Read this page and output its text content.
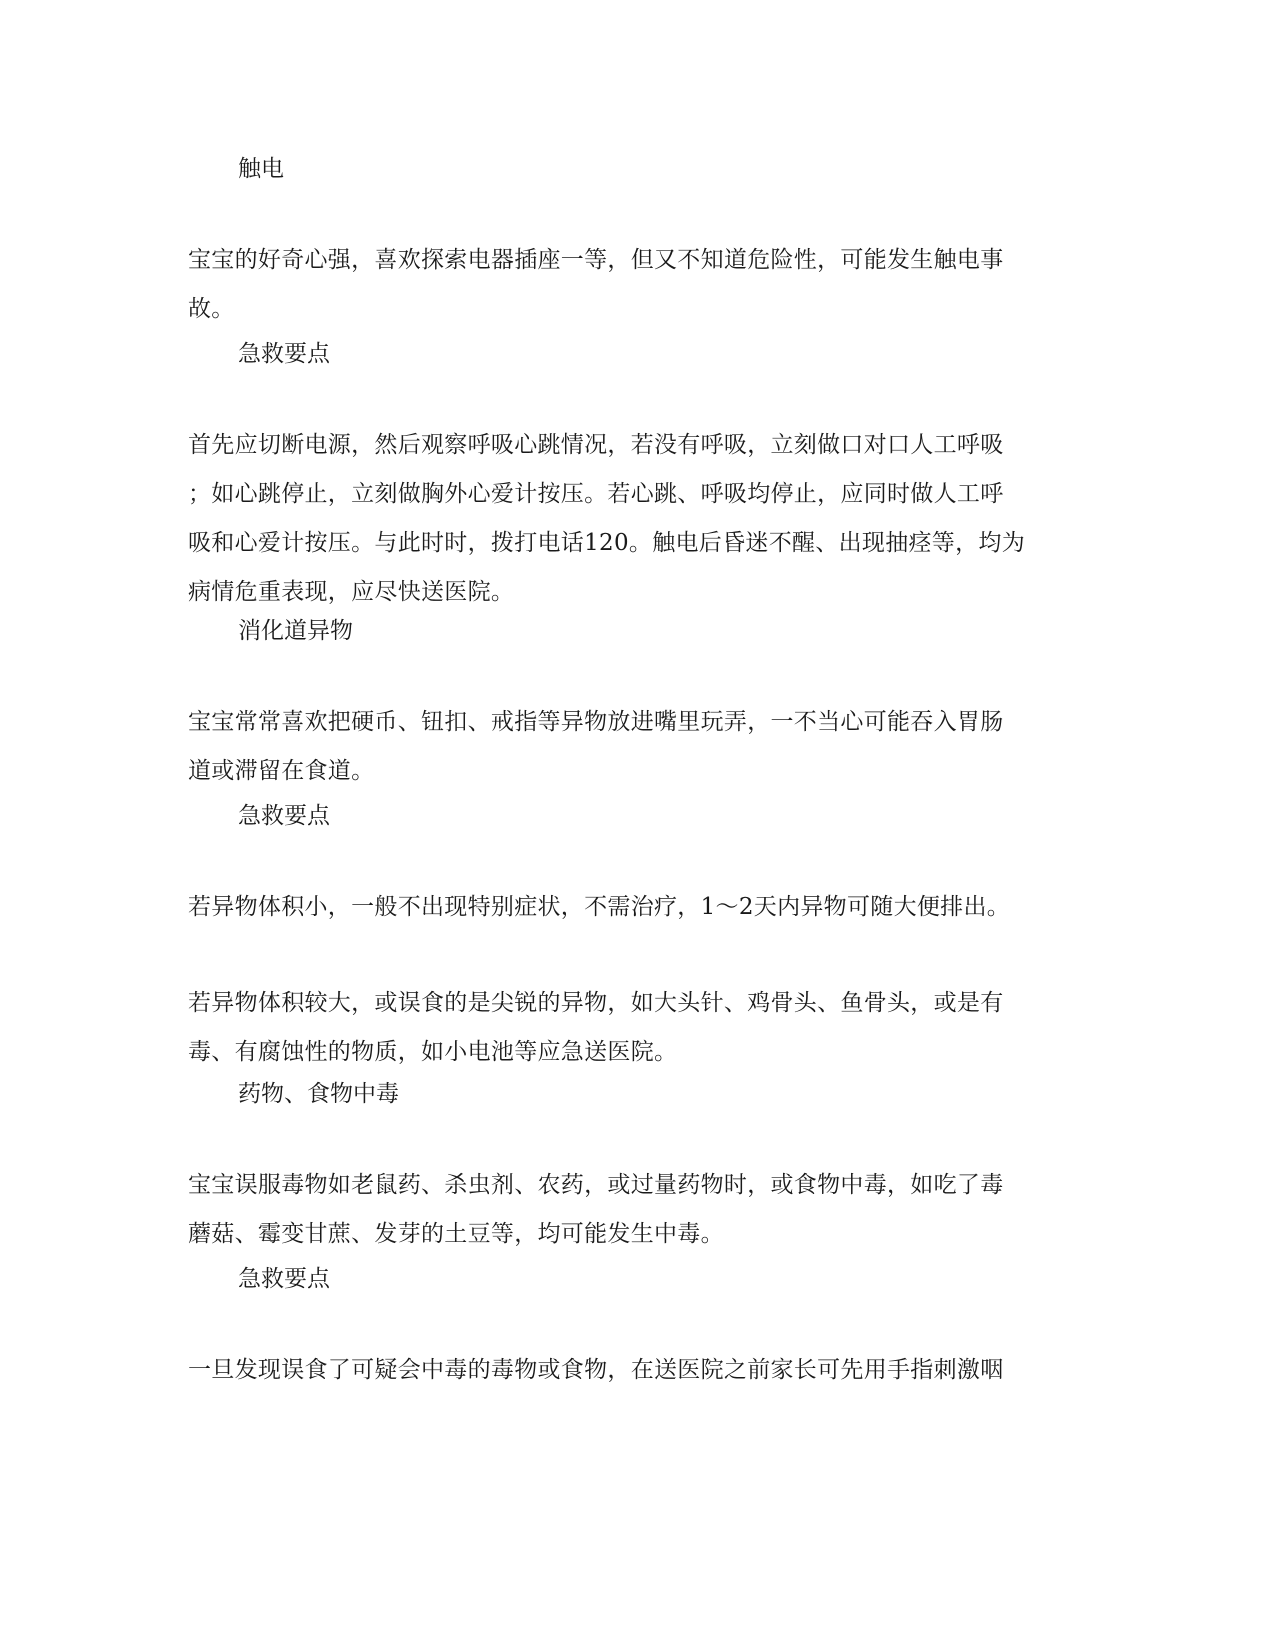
触电
宝宝的好奇心强，喜欢探索电器插座一等，但又不知道危险性，可能发生触电事
故。
急救要点
首先应切断电源，然后观察呼吸心跳情况，若没有呼吸，立刻做口对口人工呼吸
；如心跳停止，立刻做胸外心爱计按压。若心跳、呼吸均停止，应同时做人工呼
吸和心爱计按压。与此时时，拨打电话120。触电后昏迷不醒、出现抽痉等，均为
病情危重表现，应尽快送医院。
消化道异物
宝宝常常喜欢把硬币、钮扣、戒指等异物放进嘴里玩弄，一不当心可能吞入胃肠
道或滞留在食道。
急救要点
若异物体积小，一般不出现特别症状，不需治疗，1～2天内异物可随大便排出。
若异物体积较大，或误食的是尖锐的异物，如大头针、鸡骨头、鱼骨头，或是有
毒、有腐蚀性的物质，如小电池等应急送医院。
药物、食物中毒
宝宝误服毒物如老鼠药、杀虫剂、农药，或过量药物时，或食物中毒，如吃了毒
蘑菇、霉变甘蔗、发芽的土豆等，均可能发生中毒。
急救要点
一旦发现误食了可疑会中毒的毒物或食物，在送医院之前家长可先用手指刺激咽
